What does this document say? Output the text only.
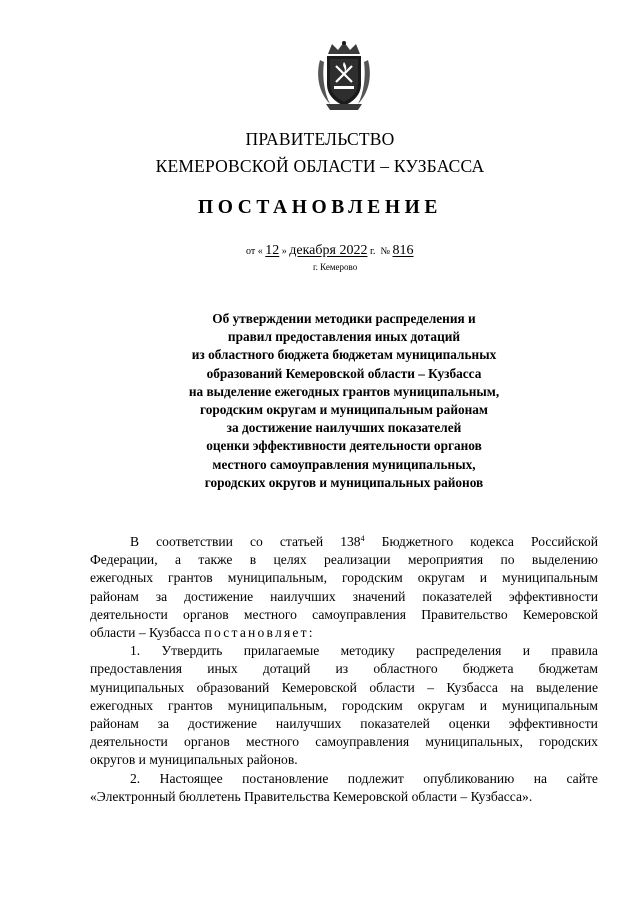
ПРАВИТЕЛЬСТВО
КЕМЕРОВСКОЙ ОБЛАСТИ – КУЗБАССА
ПОСТАНОВЛЕНИЕ
от « 12 » декабря 2022 г. № 816
г. Кемерово
Об утверждении методики распределения и
правил предоставления иных дотаций
из областного бюджета бюджетам муниципальных
образований Кемеровской области – Кузбасса
на выделение ежегодных грантов муниципальным,
городским округам и муниципальным районам
за достижение наилучших показателей
оценки эффективности деятельности органов
местного самоуправления муниципальных,
городских округов и муниципальных районов
В соответствии со статьей $138^4$ Бюджетного кодекса Российской
Федерации, а также в целях реализации мероприятия по выделению
ежегодных грантов муниципальным, городским округам и муниципальным
районам за достижение наилучших значений показателей эффективности
деятельности органов местного самоуправления Правительство Кемеровской
области – Кузбасса постановляет:
1. Утвердить прилагаемые методику распределения и правила
предоставления иных дотаций из областного бюджета бюджетам
муниципальных образований Кемеровской области – Кузбасса на выделение
ежегодных грантов муниципальным, городским округам и муниципальным
районам за достижение наилучших показателей оценки эффективности
деятельности органов местного самоуправления муниципальных, городских
округов и муниципальных районов.
2. Настоящее постановление подлежит опубликованию на сайте
«Электронный бюллетень Правительства Кемеровской области – Кузбасса».
